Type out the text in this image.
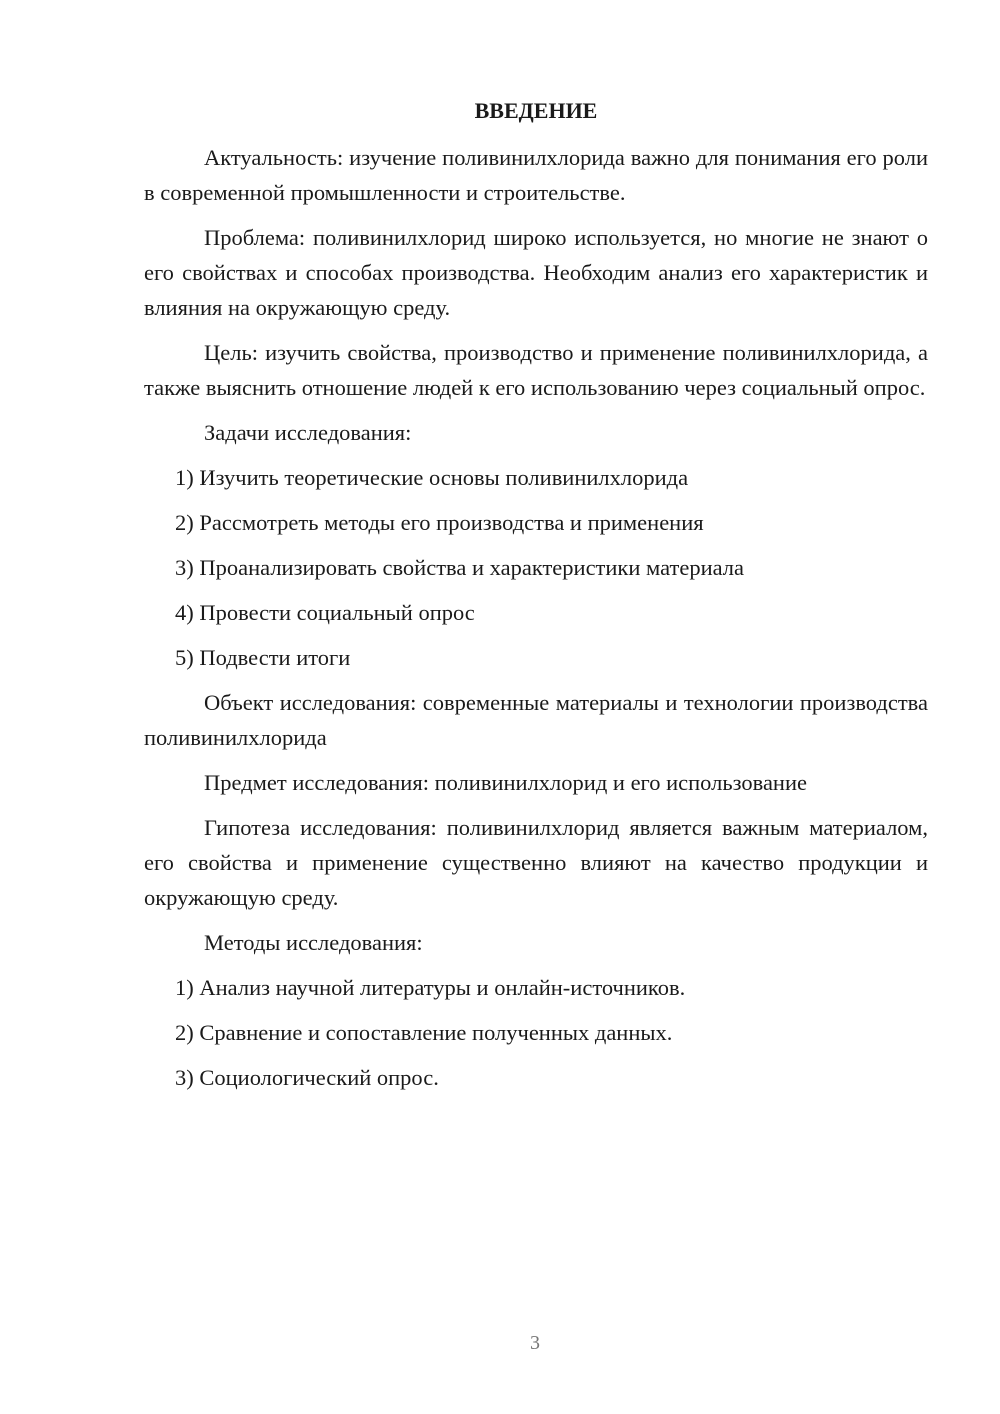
ВВЕДЕНИЕ

Актуальность: изучение поливинилхлорида важно для понимания его роли в современной промышленности и строительстве.

Проблема: поливинилхлорид широко используется, но многие не знают о его свойствах и способах производства. Необходим анализ его характеристик и влияния на окружающую среду.

Цель: изучить свойства, производство и применение поливинилхлорида, а также выяснить отношение людей к его использованию через социальный опрос.

Задачи исследования:

1) Изучить теоретические основы поливинилхлорида
2) Рассмотреть методы его производства и применения
3) Проанализировать свойства и характеристики материала
4) Провести социальный опрос
5) Подвести итоги

Объект исследования: современные материалы и технологии производства поливинилхлорида

Предмет исследования: поливинилхлорид и его использование

Гипотеза исследования: поливинилхлорид является важным материалом, его свойства и применение существенно влияют на качество продукции и окружающую среду.

Методы исследования:

1) Анализ научной литературы и онлайн-источников.
2) Сравнение и сопоставление полученных данных.
3) Социологический опрос.
3
